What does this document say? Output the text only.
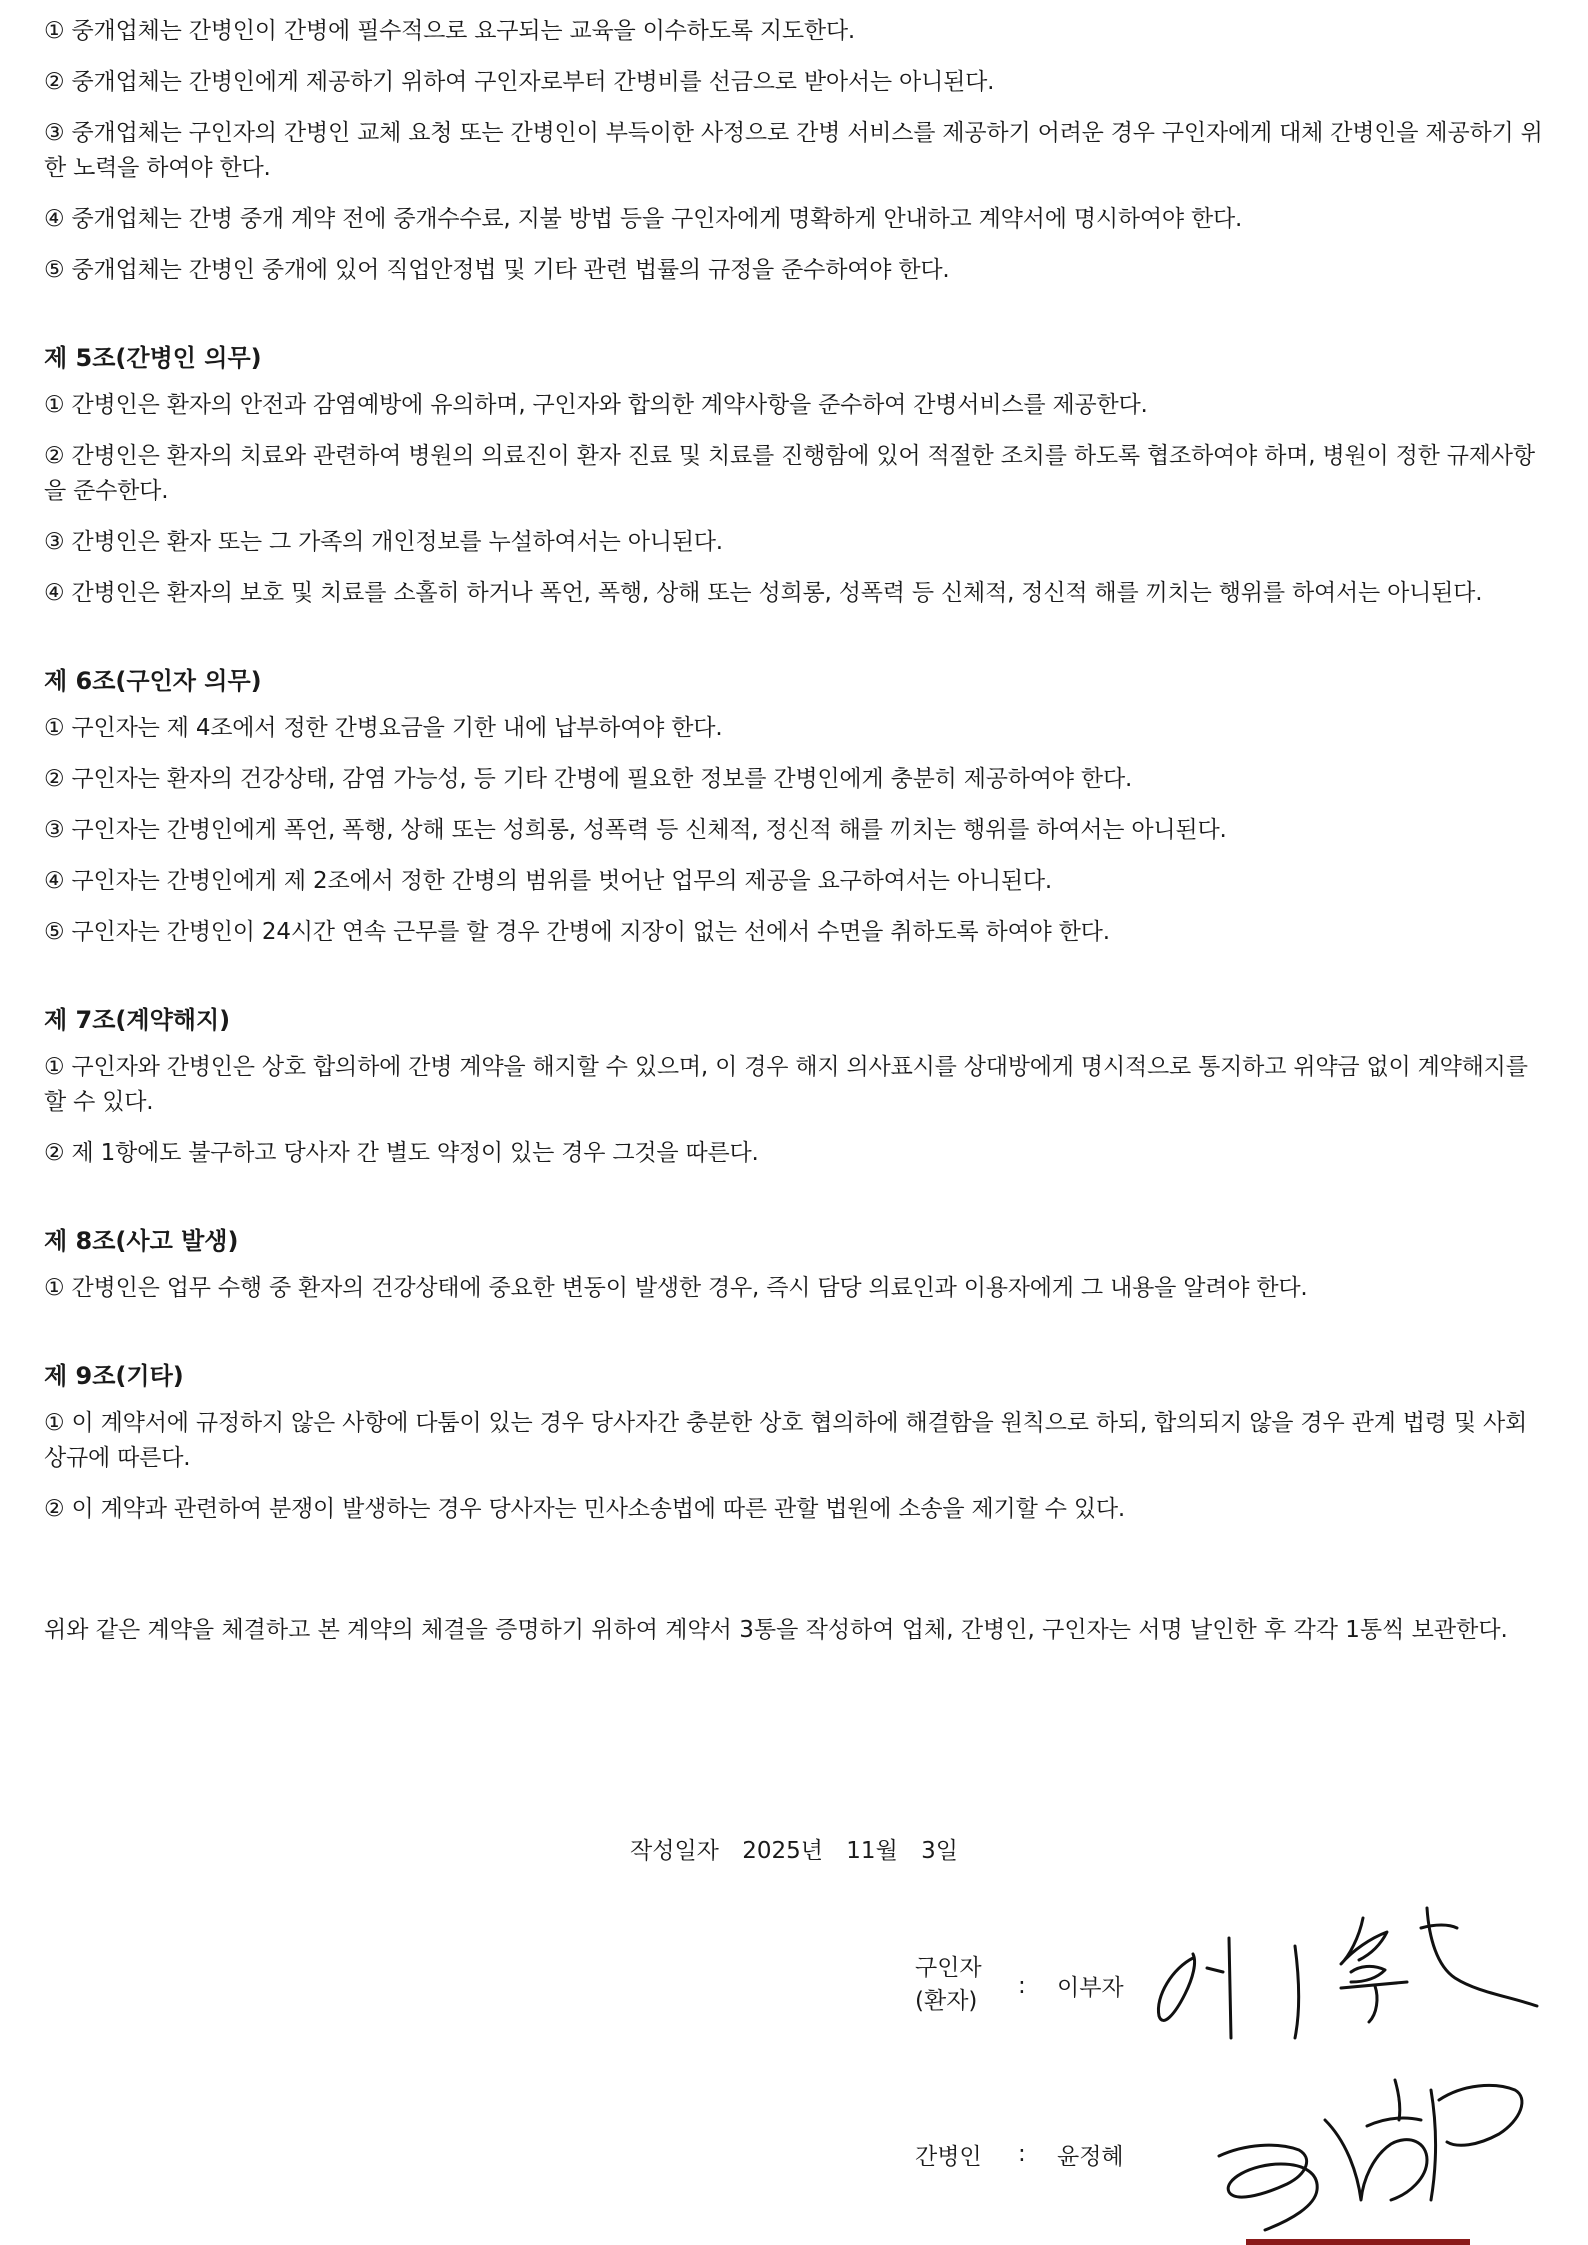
① 중개업체는 간병인이 간병에 필수적으로 요구되는 교육을 이수하도록 지도한다.

② 중개업체는 간병인에게 제공하기 위하여 구인자로부터 간병비를 선금으로 받아서는 아니된다.

③ 중개업체는 구인자의 간병인 교체 요청 또는 간병인이 부득이한 사정으로 간병 서비스를 제공하기 어려운 경우 구인자에게 대체 간병인을 제공하기 위한 노력을 하여야 한다.

④ 중개업체는 간병 중개 계약 전에 중개수수료, 지불 방법 등을 구인자에게 명확하게 안내하고 계약서에 명시하여야 한다.

⑤ 중개업체는 간병인 중개에 있어 직업안정법 및 기타 관련 법률의 규정을 준수하여야 한다.

제 5조(간병인 의무)

① 간병인은 환자의 안전과 감염예방에 유의하며, 구인자와 합의한 계약사항을 준수하여 간병서비스를 제공한다.

② 간병인은 환자의 치료와 관련하여 병원의 의료진이 환자 진료 및 치료를 진행함에 있어 적절한 조치를 하도록 협조하여야 하며, 병원이 정한 규제사항을 준수한다.

③ 간병인은 환자 또는 그 가족의 개인정보를 누설하여서는 아니된다.

④ 간병인은 환자의 보호 및 치료를 소홀히 하거나 폭언, 폭행, 상해 또는 성희롱, 성폭력 등 신체적, 정신적 해를 끼치는 행위를 하여서는 아니된다.

제 6조(구인자 의무)

① 구인자는 제 4조에서 정한 간병요금을 기한 내에 납부하여야 한다.

② 구인자는 환자의 건강상태, 감염 가능성, 등 기타 간병에 필요한 정보를 간병인에게 충분히 제공하여야 한다.

③ 구인자는 간병인에게 폭언, 폭행, 상해 또는 성희롱, 성폭력 등 신체적, 정신적 해를 끼치는 행위를 하여서는 아니된다.

④ 구인자는 간병인에게 제 2조에서 정한 간병의 범위를 벗어난 업무의 제공을 요구하여서는 아니된다.

⑤ 구인자는 간병인이 24시간 연속 근무를 할 경우 간병에 지장이 없는 선에서 수면을 취하도록 하여야 한다.

제 7조(계약해지)

① 구인자와 간병인은 상호 합의하에 간병 계약을 해지할 수 있으며, 이 경우 해지 의사표시를 상대방에게 명시적으로 통지하고 위약금 없이 계약해지를 할 수 있다.

② 제 1항에도 불구하고 당사자 간 별도 약정이 있는 경우 그것을 따른다.

제 8조(사고 발생)

① 간병인은 업무 수행 중 환자의 건강상태에 중요한 변동이 발생한 경우, 즉시 담당 의료인과 이용자에게 그 내용을 알려야 한다.

제 9조(기타)

① 이 계약서에 규정하지 않은 사항에 다툼이 있는 경우 당사자간 충분한 상호 협의하에 해결함을 원칙으로 하되, 합의되지 않을 경우 관계 법령 및 사회상규에 따른다.

② 이 계약과 관련하여 분쟁이 발생하는 경우 당사자는 민사소송법에 따른 관할 법원에 소송을 제기할 수 있다.

위와 같은 계약을 체결하고 본 계약의 체결을 증명하기 위하여 계약서 3통을 작성하여 업체, 간병인, 구인자는 서명 날인한 후 각각 1통씩 보관한다.

작성일자 2025년 11월 3일
구인자
(환자)
: 이부자
간병인 : 윤정혜
